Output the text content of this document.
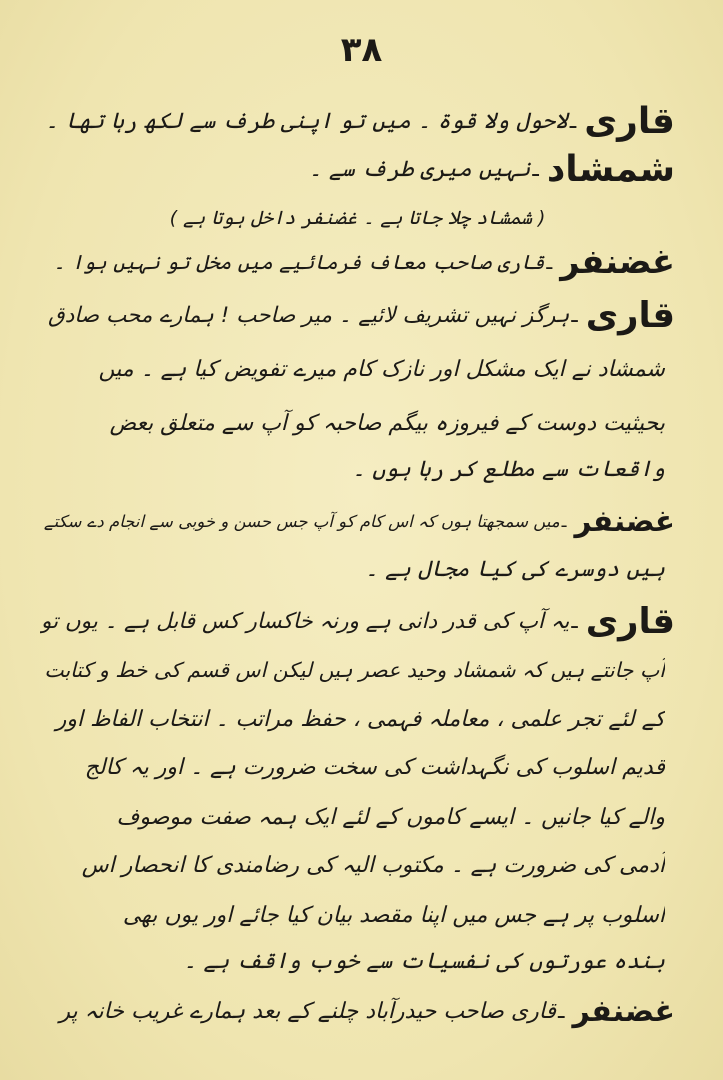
٣٨
قاری
ـ
لاحول ولا قوة ۔ میں تو اپنی طرف سے لکھ رہا تھا ۔
شمشاد
ـ
نہیں میری طرف سے ۔
( شمشاد چلا جاتا ہے ۔ غضنفر داخل ہوتا ہے )
غضنفر
ـ
قاری صاحب معاف فرمائیے میں مخل تو نہیں ہوا ۔
قاری
ـ
ہرگز نہیں تشریف لائیے ۔ میر صاحب ! ہمارے محب صادق
شمشاد نے ایک مشکل اور نازک کام میرے تفویض کیا ہے ۔ میں
بحیثیت دوست کے فیروزہ بیگم صاحبہ کو آپ سے متعلق بعض
واقعات سے مطلع کر رہا ہوں ۔
غضنفر
ـ
میں سمجھتا ہوں کہ اس کام کو آپ جس حسن و خوبی سے انجام دے سکتے
ہیں دوسرے کی کیا مجال ہے ۔
قاری
ـ
یہ آپ کی قدر دانی ہے ورنہ خاکسار کس قابل ہے ۔ یوں تو
آپ جانتے ہیں کہ شمشاد وحید عصر ہیں لیکن اس قسم کی خط و کتابت
کے لئے تجر علمی ، معاملہ فہمی ، حفظ مراتب ۔ انتخاب الفاظ اور
قدیم اسلوب کی نگہداشت کی سخت ضرورت ہے ۔ اور یہ کالج
والے کیا جانیں ۔ ایسے کاموں کے لئے ایک ہمہ صفت موصوف
آدمی کی ضرورت ہے ۔ مکتوب الیہ کی رضامندی کا انحصار اس
اسلوب پر ہے جس میں اپنا مقصد بیان کیا جائے اور یوں بھی
بندہ عورتوں کی نفسیات سے خوب واقف ہے ۔
غضنفر
ـ
قاری صاحب حیدرآباد چلنے کے بعد ہمارے غریب خانہ پر
